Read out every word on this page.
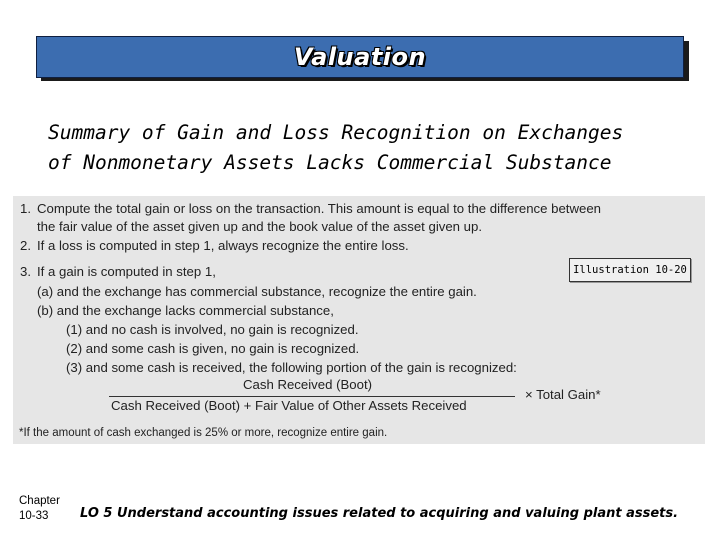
Valuation
Summary of Gain and Loss Recognition on Exchanges
of Nonmonetary Assets Lacks Commercial Substance
1. Compute the total gain or loss on the transaction. This amount is equal to the difference between
the fair value of the asset given up and the book value of the asset given up.
2. If a loss is computed in step 1, always recognize the entire loss.
3. If a gain is computed in step 1,
(a) and the exchange has commercial substance, recognize the entire gain.
(b) and the exchange lacks commercial substance,
(1) and no cash is involved, no gain is recognized.
(2) and some cash is given, no gain is recognized.
(3) and some cash is received, the following portion of the gain is recognized:
Cash Received (Boot)
Cash Received (Boot) + Fair Value of Other Assets Received
× Total Gain*
*If the amount of cash exchanged is 25% or more, recognize entire gain.
Illustration 10-20
Chapter
10-33	LO 5 Understand accounting issues related to acquiring and valuing plant assets.
